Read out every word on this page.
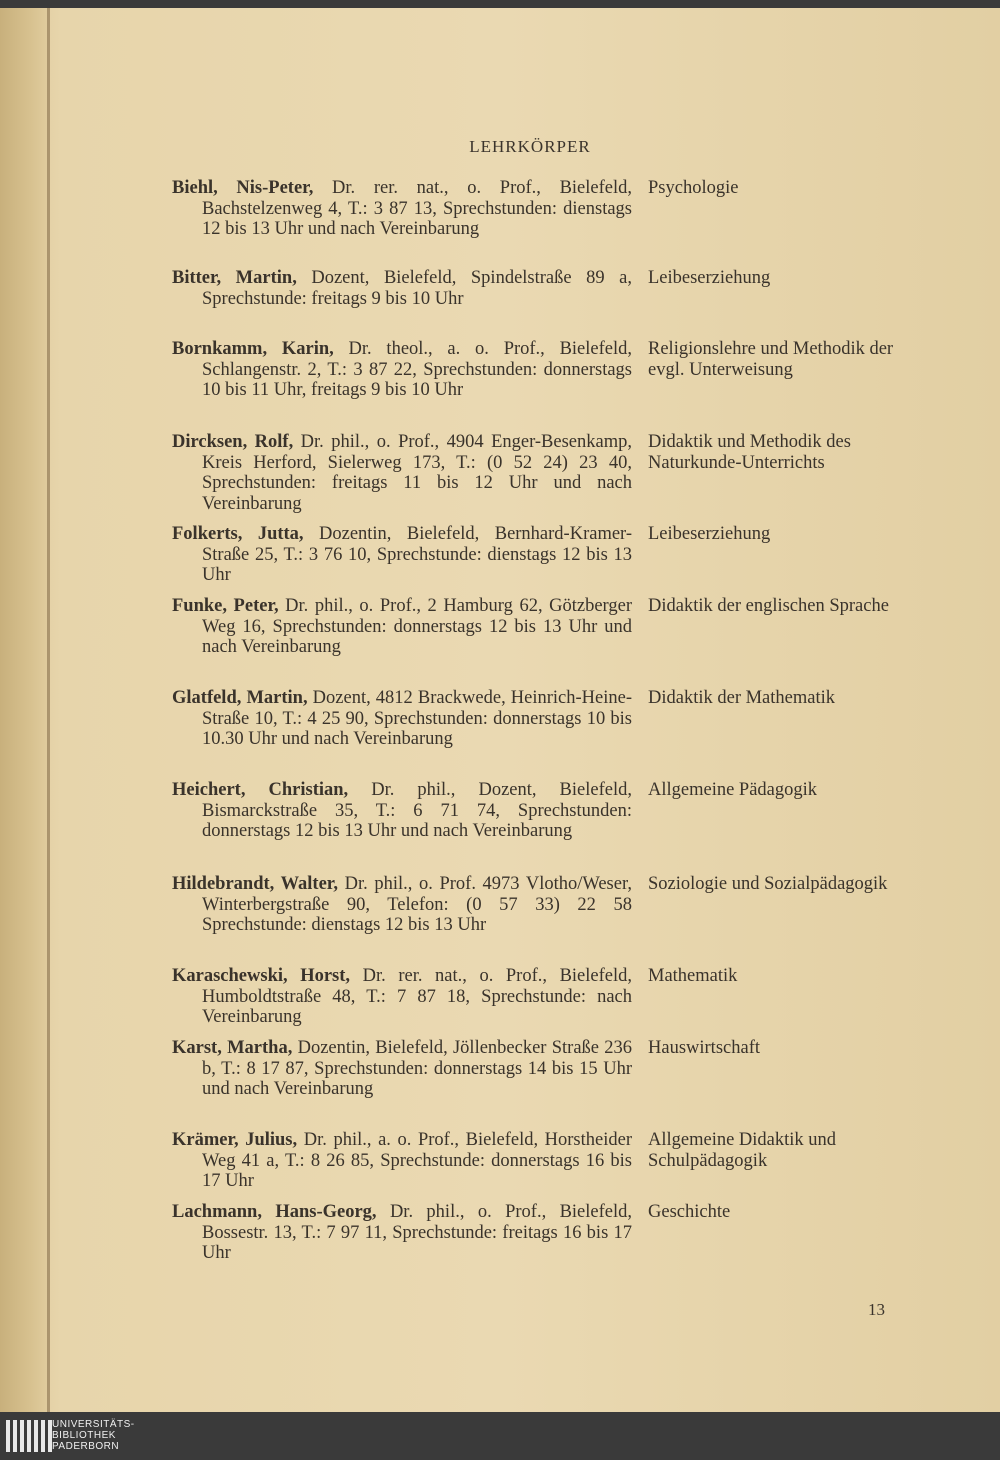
LEHRKÖRPER
Biehl, Nis-Peter, Dr. rer. nat., o. Prof., Bielefeld, Bachstelzenweg 4, T.: 3 87 13, Sprechstunden: dienstags 12 bis 13 Uhr und nach Vereinbarung
Psychologie
Bitter, Martin, Dozent, Bielefeld, Spindelstraße 89 a, Sprechstunde: freitags 9 bis 10 Uhr
Leibeserziehung
Bornkamm, Karin, Dr. theol., a. o. Prof., Bielefeld, Schlangenstr. 2, T.: 3 87 22, Sprechstunden: donnerstags 10 bis 11 Uhr, freitags 9 bis 10 Uhr
Religionslehre und Methodik der evgl. Unterweisung
Dircksen, Rolf, Dr. phil., o. Prof., 4904 Enger-Besenkamp, Kreis Herford, Sielerweg 173, T.: (0 52 24) 23 40, Sprechstunden: freitags 11 bis 12 Uhr und nach Vereinbarung
Didaktik und Methodik des Naturkunde-Unterrichts
Folkerts, Jutta, Dozentin, Bielefeld, Bernhard-Kramer-Straße 25, T.: 3 76 10, Sprechstunde: dienstags 12 bis 13 Uhr
Leibeserziehung
Funke, Peter, Dr. phil., o. Prof., 2 Hamburg 62, Götzberger Weg 16, Sprechstunden: donnerstags 12 bis 13 Uhr und nach Vereinbarung
Didaktik der englischen Sprache
Glatfeld, Martin, Dozent, 4812 Brackwede, Heinrich-Heine-Straße 10, T.: 4 25 90, Sprechstunden: donnerstags 10 bis 10.30 Uhr und nach Vereinbarung
Didaktik der Mathematik
Heichert, Christian, Dr. phil., Dozent, Bielefeld, Bismarckstraße 35, T.: 6 71 74, Sprechstunden: donnerstags 12 bis 13 Uhr und nach Vereinbarung
Allgemeine Pädagogik
Hildebrandt, Walter, Dr. phil., o. Prof. 4973 Vlotho/Weser, Winterbergstraße 90, Telefon: (0 57 33) 22 58 Sprechstunde: dienstags 12 bis 13 Uhr
Soziologie und Sozialpädagogik
Karaschewski, Horst, Dr. rer. nat., o. Prof., Bielefeld, Humboldtstraße 48, T.: 7 87 18, Sprechstunde: nach Vereinbarung
Mathematik
Karst, Martha, Dozentin, Bielefeld, Jöllenbecker Straße 236 b, T.: 8 17 87, Sprechstunden: donnerstags 14 bis 15 Uhr und nach Vereinbarung
Hauswirtschaft
Krämer, Julius, Dr. phil., a. o. Prof., Bielefeld, Horstheider Weg 41 a, T.: 8 26 85, Sprechstunde: donnerstags 16 bis 17 Uhr
Allgemeine Didaktik und Schulpädagogik
Lachmann, Hans-Georg, Dr. phil., o. Prof., Bielefeld, Bossestr. 13, T.: 7 97 11, Sprechstunde: freitags 16 bis 17 Uhr
Geschichte
13
UNIVERSITÄTS-
BIBLIOTHEK
PADERBORN
